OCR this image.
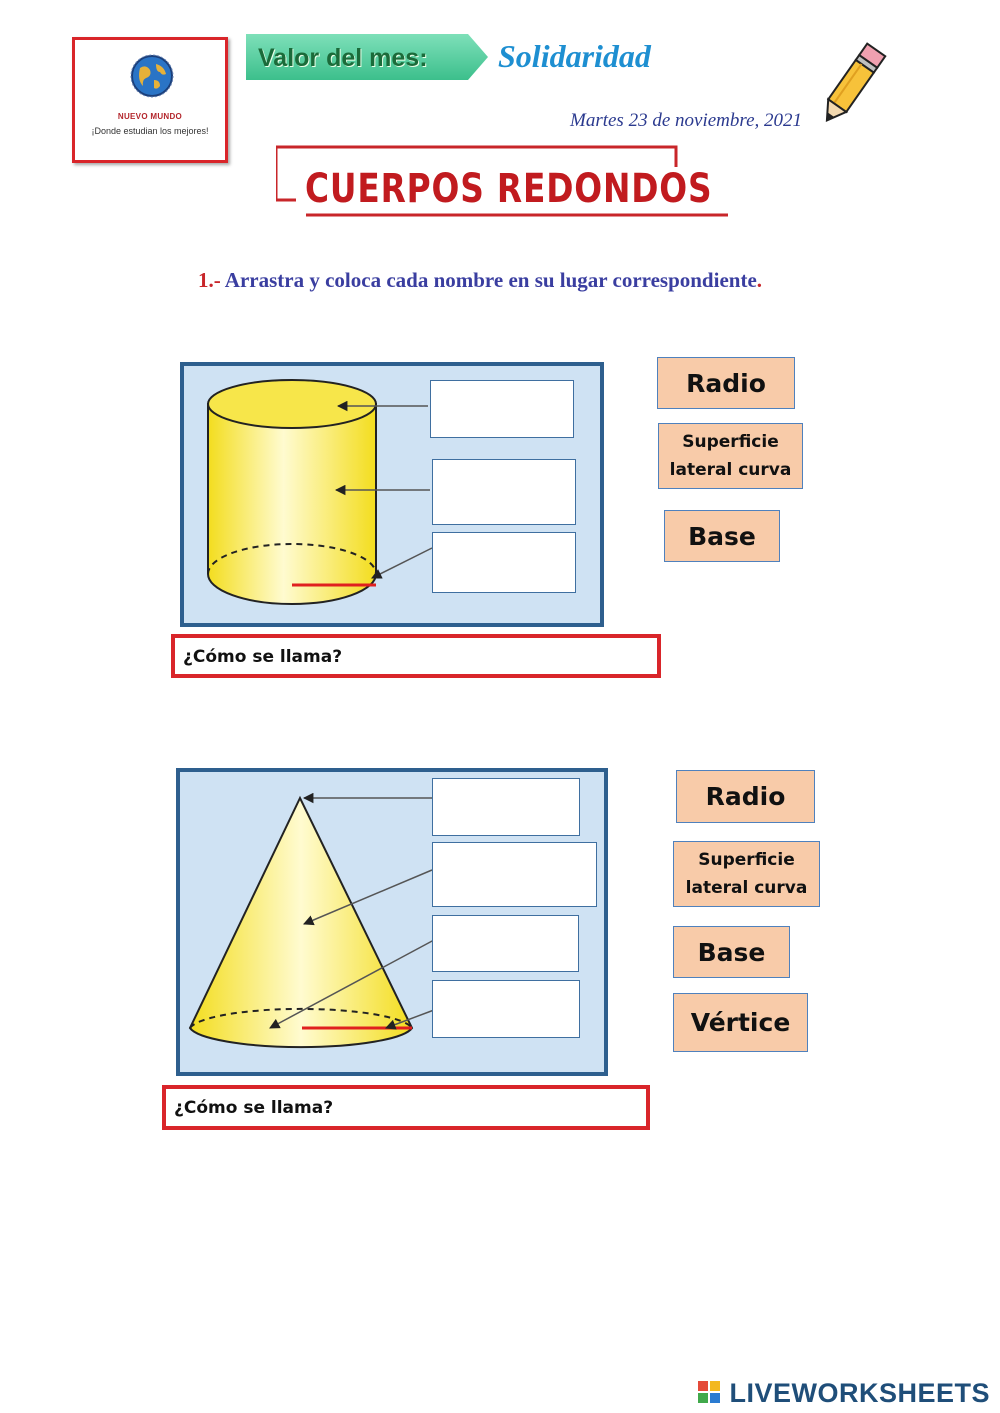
NUEVO MUNDO
¡Donde estudian los mejores!
Valor del mes: Solidaridad
Martes 23 de noviembre, 2021
CUERPOS REDONDOS
1.- Arrastra y coloca cada nombre en su lugar correspondiente.
Radio
Superficie
lateral curva
Base
¿Cómo se llama?
Radio
Superficie
lateral curva
Base
Vértice
¿Cómo se llama?
LIVEWORKSHEETS
